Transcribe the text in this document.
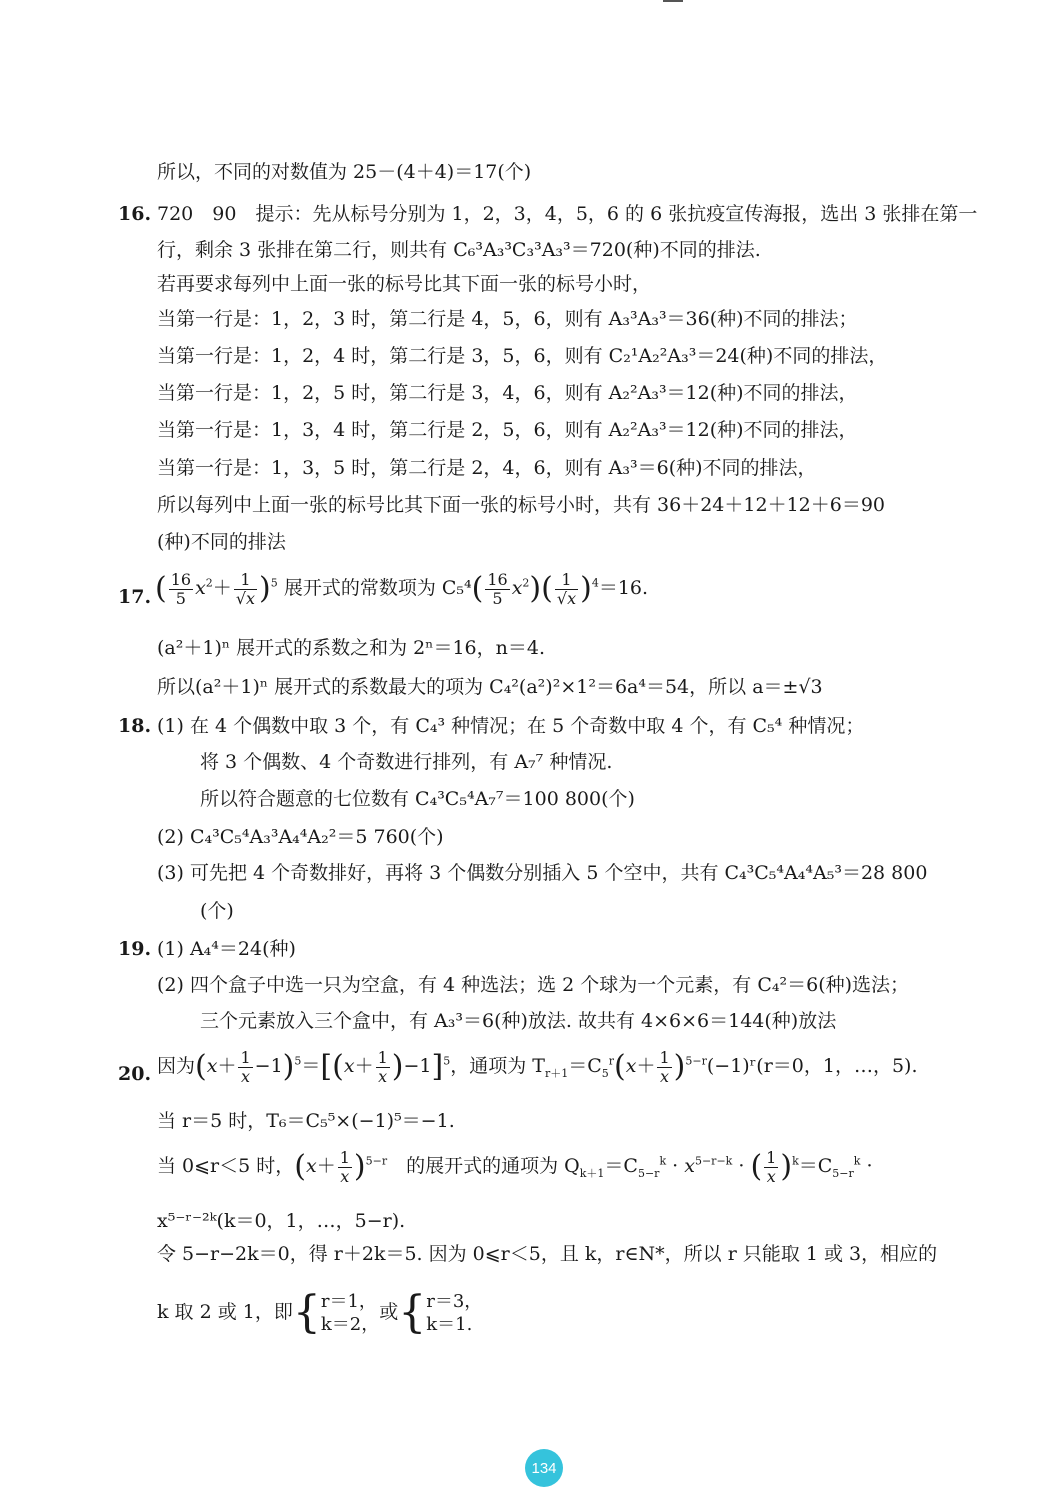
所以，不同的对数值为 25－(4＋4)＝17(个)
16. 720　90　提示：先从标号分别为 1，2，3，4，5，6 的 6 张抗疫宣传海报，选出 3 张排在第一
行，剩余 3 张排在第二行，则共有 C₆³A₃³C₃³A₃³＝720(种)不同的排法.
若再要求每列中上面一张的标号比其下面一张的标号小时，
当第一行是：1，2，3 时，第二行是 4，5，6，则有 A₃³A₃³＝36(种)不同的排法；
当第一行是：1，2，4 时，第二行是 3，5，6，则有 C₂¹A₂²A₃³＝24(种)不同的排法，
当第一行是：1，2，5 时，第二行是 3，4，6，则有 A₂²A₃³＝12(种)不同的排法，
当第一行是：1，3，4 时，第二行是 2，5，6，则有 A₂²A₃³＝12(种)不同的排法，
当第一行是：1，3，5 时，第二行是 2，4，6，则有 A₃³＝6(种)不同的排法，
所以每列中上面一张的标号比其下面一张的标号小时，共有 36＋24＋12＋12＋6＝90
(种)不同的排法
17. ( $\frac{16}{5} x^2+ \frac{1}{√x} )^5$ 展开式的常数项为 $C_5^4( \frac{16}{5} x^2)( \frac{1}{√x} )^4=16$.
(a²＋1)ⁿ 展开式的系数之和为 2ⁿ＝16，n＝4.
所以(a²＋1)ⁿ 展开式的系数最大的项为 C₄²(a²)²×1²＝6a⁴＝54，所以 a＝±√3
18. (1) 在 4 个偶数中取 3 个，有 C₄³ 种情况；在 5 个奇数中取 4 个，有 C₅⁴ 种情况；
将 3 个偶数、4 个奇数进行排列，有 A₇⁷ 种情况.
所以符合题意的七位数有 C₄³C₅⁴A₇⁷＝100 800(个)
(2) C₄³C₅⁴A₃³A₄⁴A₂²＝5 760(个)
(3) 可先把 4 个奇数排好，再将 3 个偶数分别插入 5 个空中，共有 C₄³C₅⁴A₄⁴A₅³＝28 800
(个)
19. (1) A₄⁴＝24(种)
(2) 四个盒子中选一只为空盒，有 4 种选法；选 2 个球为一个元素，有 C₄²＝6(种)选法；
三个元素放入三个盒中，有 A₃³＝6(种)放法. 故共有 4×6×6＝144(种)放法
20. 因为$(x+ \frac{1}{x} -1)^5=[(x+ \frac{1}{x} )-1]^5$，通项为 $T_{r+1}=C_5^r(x+ \frac{1}{x}$ )$^{5-r}(-1)ʳ(r=0$，1，…，5).
当 r＝5 时，T₆＝C₅⁵×(−1)⁵＝−1.
当 0⩽r＜5 时，$(x+ \frac{1}{x} )^{5-r}$　 的展开式的通项为 $Q_{k+1}=C_{5-r}^k \cdot x^{5-r-k}$ · ( $\frac{1}{x} )^k=C_{5-r}^k$ ·
x⁵⁻ʳ⁻²ᵏ(k＝0，1，…，5−r).
令 5−r−2k＝0，得 r＋2k＝5. 因为 0⩽r＜5，且 k，r∈N*，所以 r 只能取 1 或 3，相应的
k 取 2 或 1，即{ r＝1，
k＝2，
或{ r＝3，
k＝1.
134
